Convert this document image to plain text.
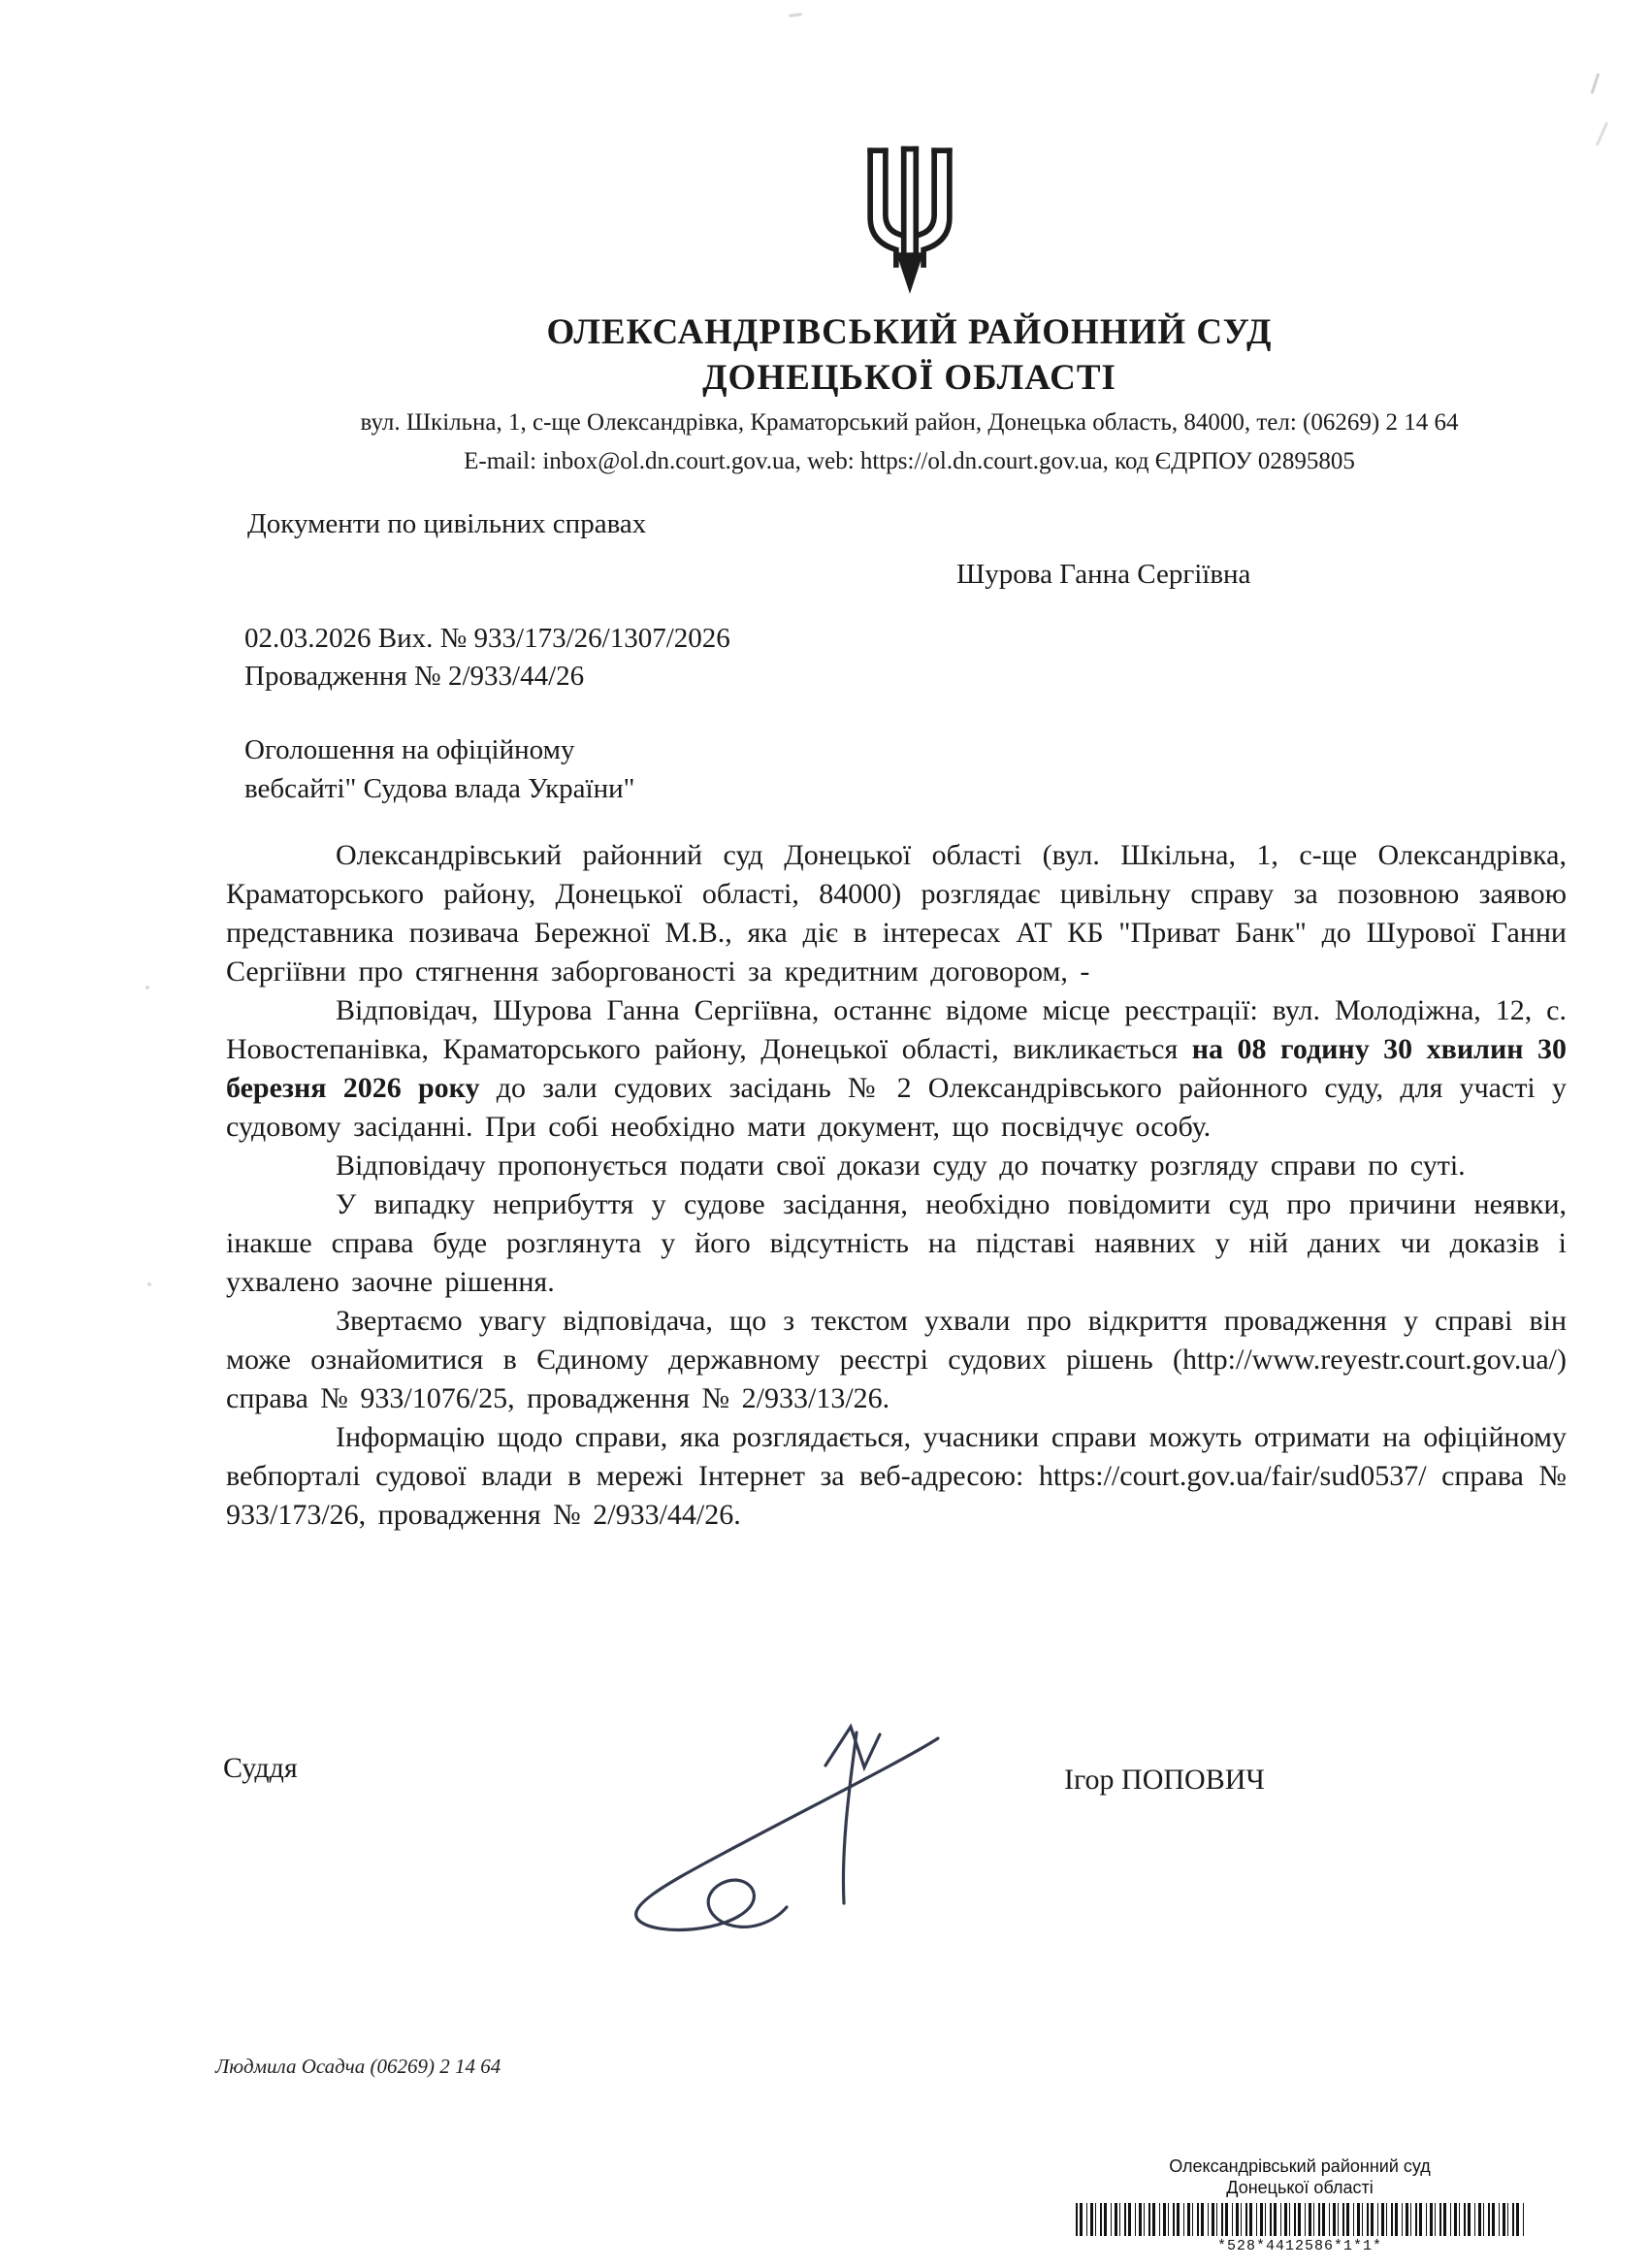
ОЛЕКСАНДРІВСЬКИЙ РАЙОННИЙ СУД
ДОНЕЦЬКОЇ ОБЛАСТІ
вул. Шкільна, 1, с-ще Олександрівка, Краматорський район, Донецька область, 84000, тел: (06269) 2 14 64
E-mail: inbox@ol.dn.court.gov.ua, web: https://ol.dn.court.gov.ua, код ЄДРПОУ 02895805
Документи по цивільних справах
Шурова Ганна Сергіївна
02.03.2026 Вих. № 933/173/26/1307/2026
Провадження № 2/933/44/26
Оголошення на офіційному
вебсайті" Судова влада України"

Олександрівський районний суд Донецької області (вул. Шкільна, 1, с-ще Олександрівка, Краматорського району, Донецької області, 84000) розглядає цивільну справу за позовною заявою представника позивача Бережної М.В., яка діє в інтересах АТ КБ "Приват Банк" до Шурової Ганни Сергіївни про стягнення заборгованості за кредитним договором, -

Відповідач, Шурова Ганна Сергіївна, останнє відоме місце реєстрації: вул. Молодіжна, 12, с. Новостепанівка, Краматорського району, Донецької області, викликається на 08 годину 30 хвилин 30 березня 2026 року до зали судових засідань № 2 Олександрівського районного суду, для участі у судовому засіданні. При собі необхідно мати документ, що посвідчує особу.

Відповідачу пропонується подати свої докази суду до початку розгляду справи по суті.

У випадку неприбуття у судове засідання, необхідно повідомити суд про причини неявки, інакше справа буде розглянута у його відсутність на підставі наявних у ній даних чи доказів і ухвалено заочне рішення.

Звертаємо увагу відповідача, що з текстом ухвали про відкриття провадження у справі він може ознайомитися в Єдиному державному реєстрі судових рішень (http://www.reyestr.court.gov.ua/) справа № 933/1076/25, провадження № 2/933/13/26.

Інформацію щодо справи, яка розглядається, учасники справи можуть отримати на офіційному вебпорталі судової влади в мережі Інтернет за веб-адресою: https://court.gov.ua/fair/sud0537/ справа № 933/173/26, провадження № 2/933/44/26.

Суддя	Ігор ПОПОВИЧ
Людмила Осадча (06269) 2 14 64
Олександрівський районний суд
Донецької області
*528*4412586*1*1*
